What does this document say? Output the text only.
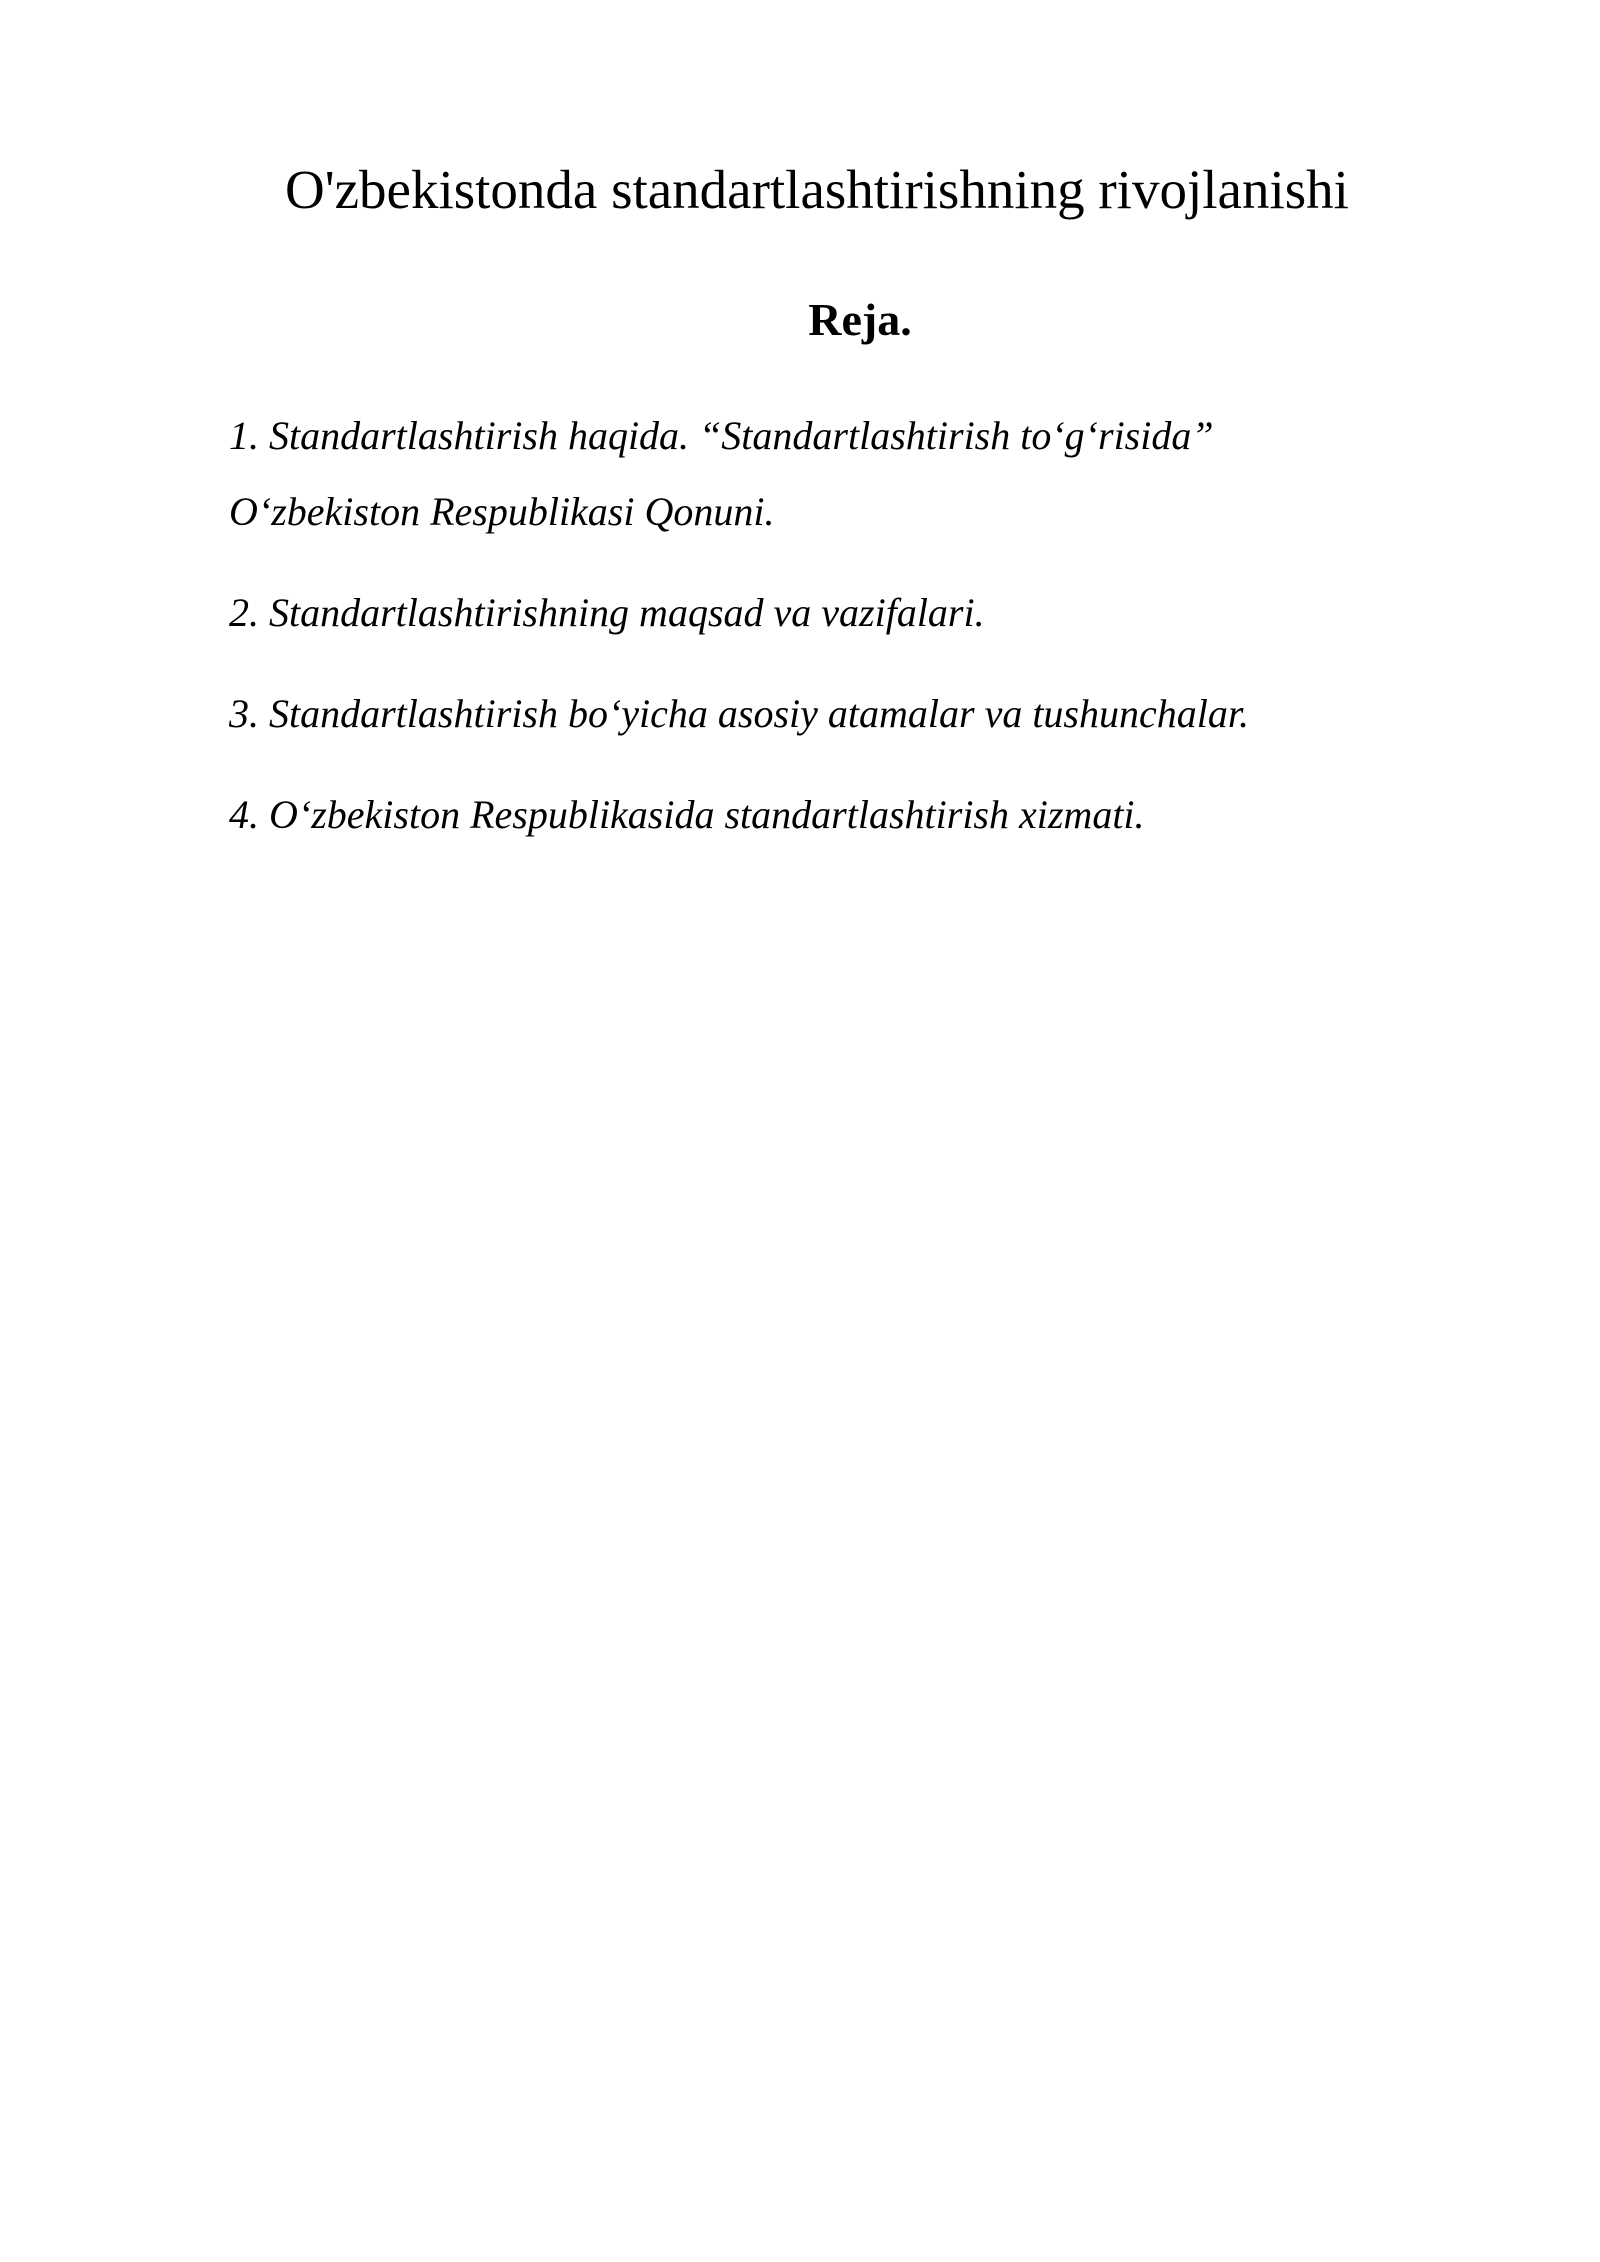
O'zbekistonda standartlashtirishning rivojlanishi
Reja.
1. Standartlashtirish haqida. “Standartlashtirish to‘g‘risida”
O‘zbekiston Respublikasi Qonuni.
2. Standartlashtirishning maqsad va vazifalari.
3. Standartlashtirish bo‘yicha asosiy atamalar va tushunchalar.
4. O‘zbekiston Respublikasida standartlashtirish xizmati.
